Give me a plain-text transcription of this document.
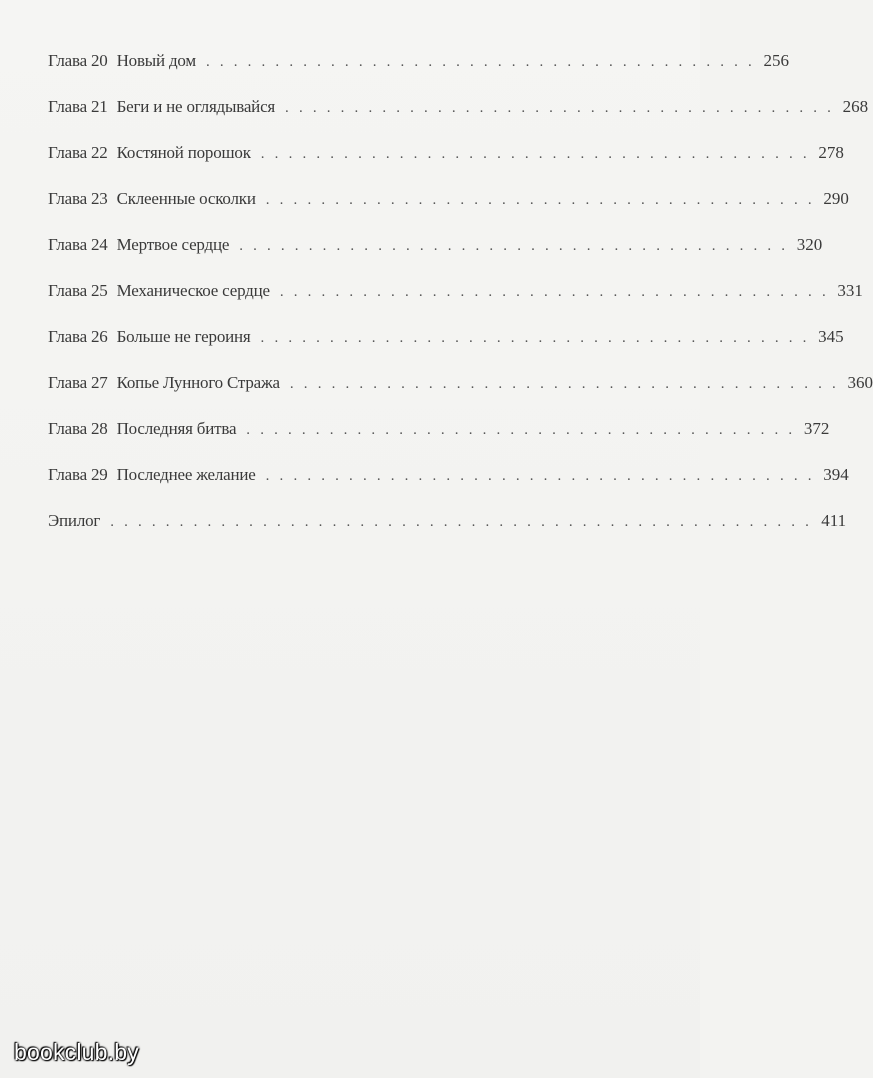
Глава 20 Новый дом . . . . . . . . . . . . . . . . . . . . . . . . . . . . . . . . . . . . . . . . 256
Глава 21 Беги и не оглядывайся . . . . . . . . . . . . . . . . . . . . . . . . . . . . . . . . . . . . . . . . 268
Глава 22 Костяной порошок . . . . . . . . . . . . . . . . . . . . . . . . . . . . . . . . . . . . . . . . 278
Глава 23 Склеенные осколки . . . . . . . . . . . . . . . . . . . . . . . . . . . . . . . . . . . . . . . . 290
Глава 24 Мертвое сердце . . . . . . . . . . . . . . . . . . . . . . . . . . . . . . . . . . . . . . . . 320
Глава 25 Механическое сердце . . . . . . . . . . . . . . . . . . . . . . . . . . . . . . . . . . . . . . . . 331
Глава 26 Больше не героиня . . . . . . . . . . . . . . . . . . . . . . . . . . . . . . . . . . . . . . . . 345
Глава 27 Копье Лунного Стража . . . . . . . . . . . . . . . . . . . . . . . . . . . . . . . . . . . . . . . . 360
Глава 28 Последняя битва . . . . . . . . . . . . . . . . . . . . . . . . . . . . . . . . . . . . . . . . 372
Глава 29 Последнее желание . . . . . . . . . . . . . . . . . . . . . . . . . . . . . . . . . . . . . . . . 394
Эпилог . . . . . . . . . . . . . . . . . . . . . . . . . . . . . . . . . . . . . . . . . . . . . . . . . . . 411
bookclub.by
